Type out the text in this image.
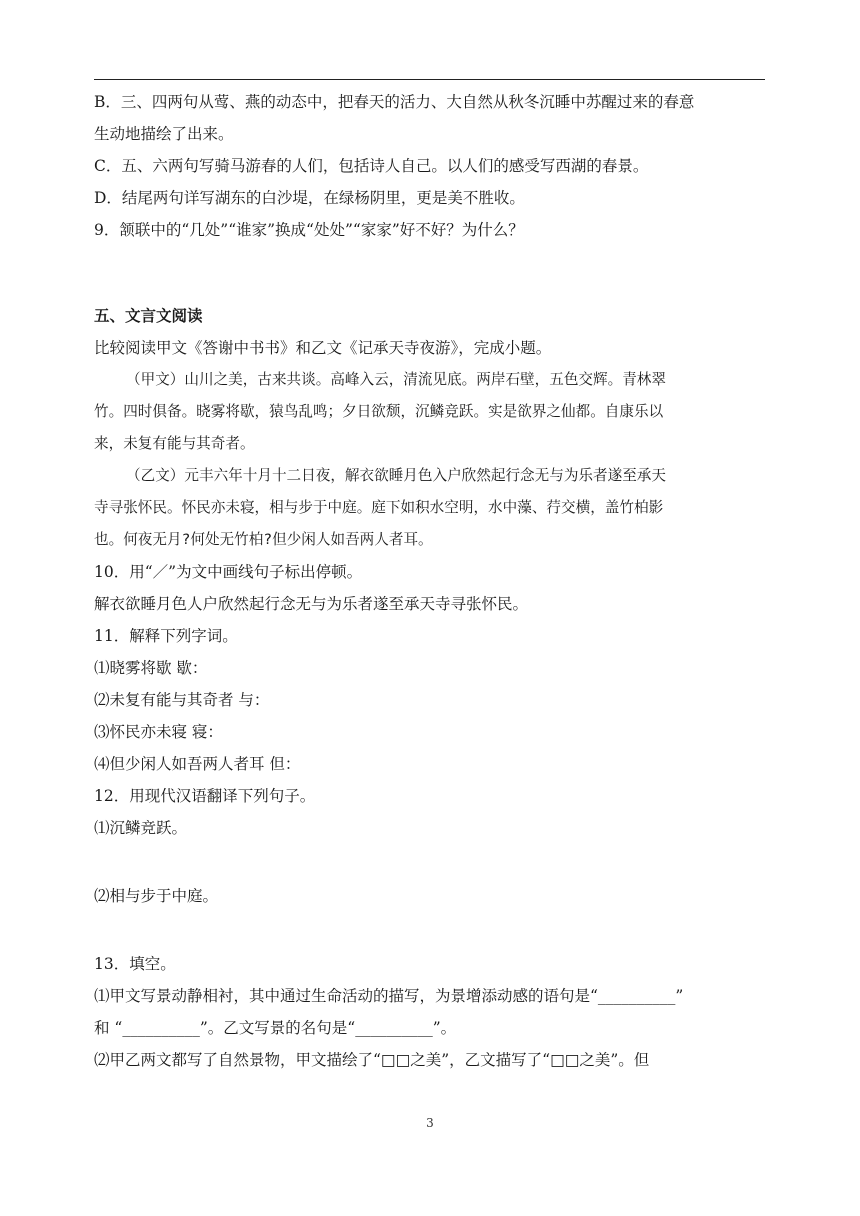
B．三、四两句从莺、燕的动态中，把春天的活力、大自然从秋冬沉睡中苏醒过来的春意
生动地描绘了出来。
C．五、六两句写骑马游春的人们，包括诗人自己。以人们的感受写西湖的春景。
D．结尾两句详写湖东的白沙堤，在绿杨阴里，更是美不胜收。
9．颔联中的“几处”“谁家”换成“处处”“家家”好不好？为什么？
五、文言文阅读
比较阅读甲文《答谢中书书》和乙文《记承天寺夜游》，完成小题。
（甲文）山川之美，古来共谈。高峰入云，清流见底。两岸石壁，五色交辉。青林翠
竹。四时俱备。晓雾将歇，猿鸟乱鸣；夕日欲颓，沉鳞竞跃。实是欲界之仙都。自康乐以
来，未复有能与其奇者。
（乙文）元丰六年十月十二日夜，解衣欲睡月色入户欣然起行念无与为乐者遂至承天
寺寻张怀民。怀民亦未寝，相与步于中庭。庭下如积水空明，水中藻、荇交横，盖竹柏影
也。何夜无月?何处无竹柏?但少闲人如吾两人者耳。
10．用“／”为文中画线句子标出停顿。
解衣欲睡月色人户欣然起行念无与为乐者遂至承天寺寻张怀民。
11．解释下列字词。
⑴晓雾将歇 歇：
⑵未复有能与其奇者 与：
⑶怀民亦未寝 寝：
⑷但少闲人如吾两人者耳 但：
12．用现代汉语翻译下列句子。
⑴沉鳞竞跃。
⑵相与步于中庭。
13．填空。
⑴甲文写景动静相衬，其中通过生命活动的描写，为景增添动感的语句是“__________”
和 “__________”。乙文写景的名句是“__________”。
⑵甲乙两文都写了自然景物，甲文描绘了“□□之美”，乙文描写了“□□之美”。但
3
